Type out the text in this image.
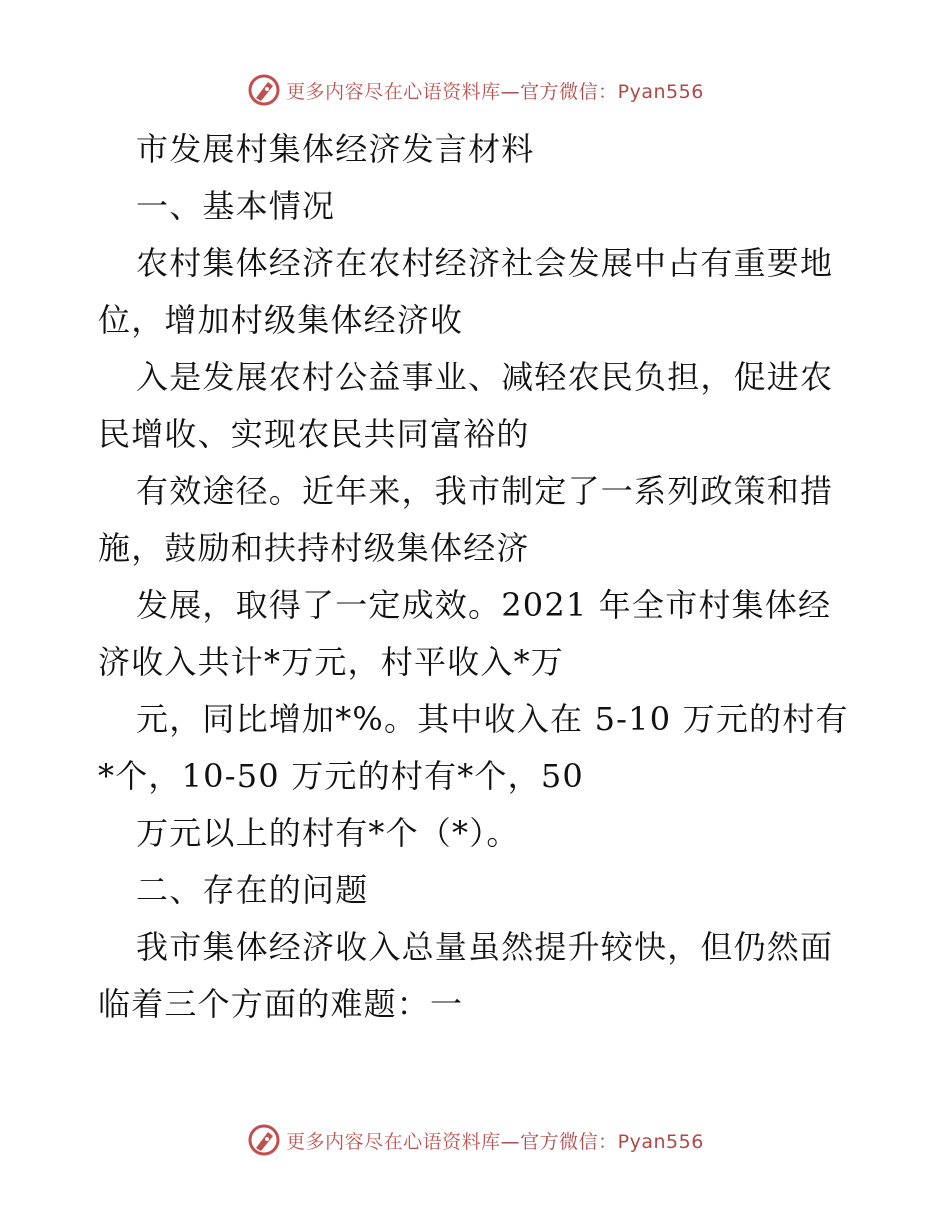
更多内容尽在心语资料库—官方微信：Pyan556
市发展村集体经济发言材料
一、基本情况
农村集体经济在农村经济社会发展中占有重要地
位，增加村级集体经济收
入是发展农村公益事业、减轻农民负担，促进农
民增收、实现农民共同富裕的
有效途径。近年来，我市制定了一系列政策和措
施，鼓励和扶持村级集体经济
发展，取得了一定成效。2021 年全市村集体经
济收入共计*万元，村平收入*万
元，同比增加*%。其中收入在 5-10 万元的村有
*个，10-50 万元的村有*个，50
万元以上的村有*个（*）。
二、存在的问题
我市集体经济收入总量虽然提升较快，但仍然面
临着三个方面的难题：一
更多内容尽在心语资料库—官方微信：Pyan556
